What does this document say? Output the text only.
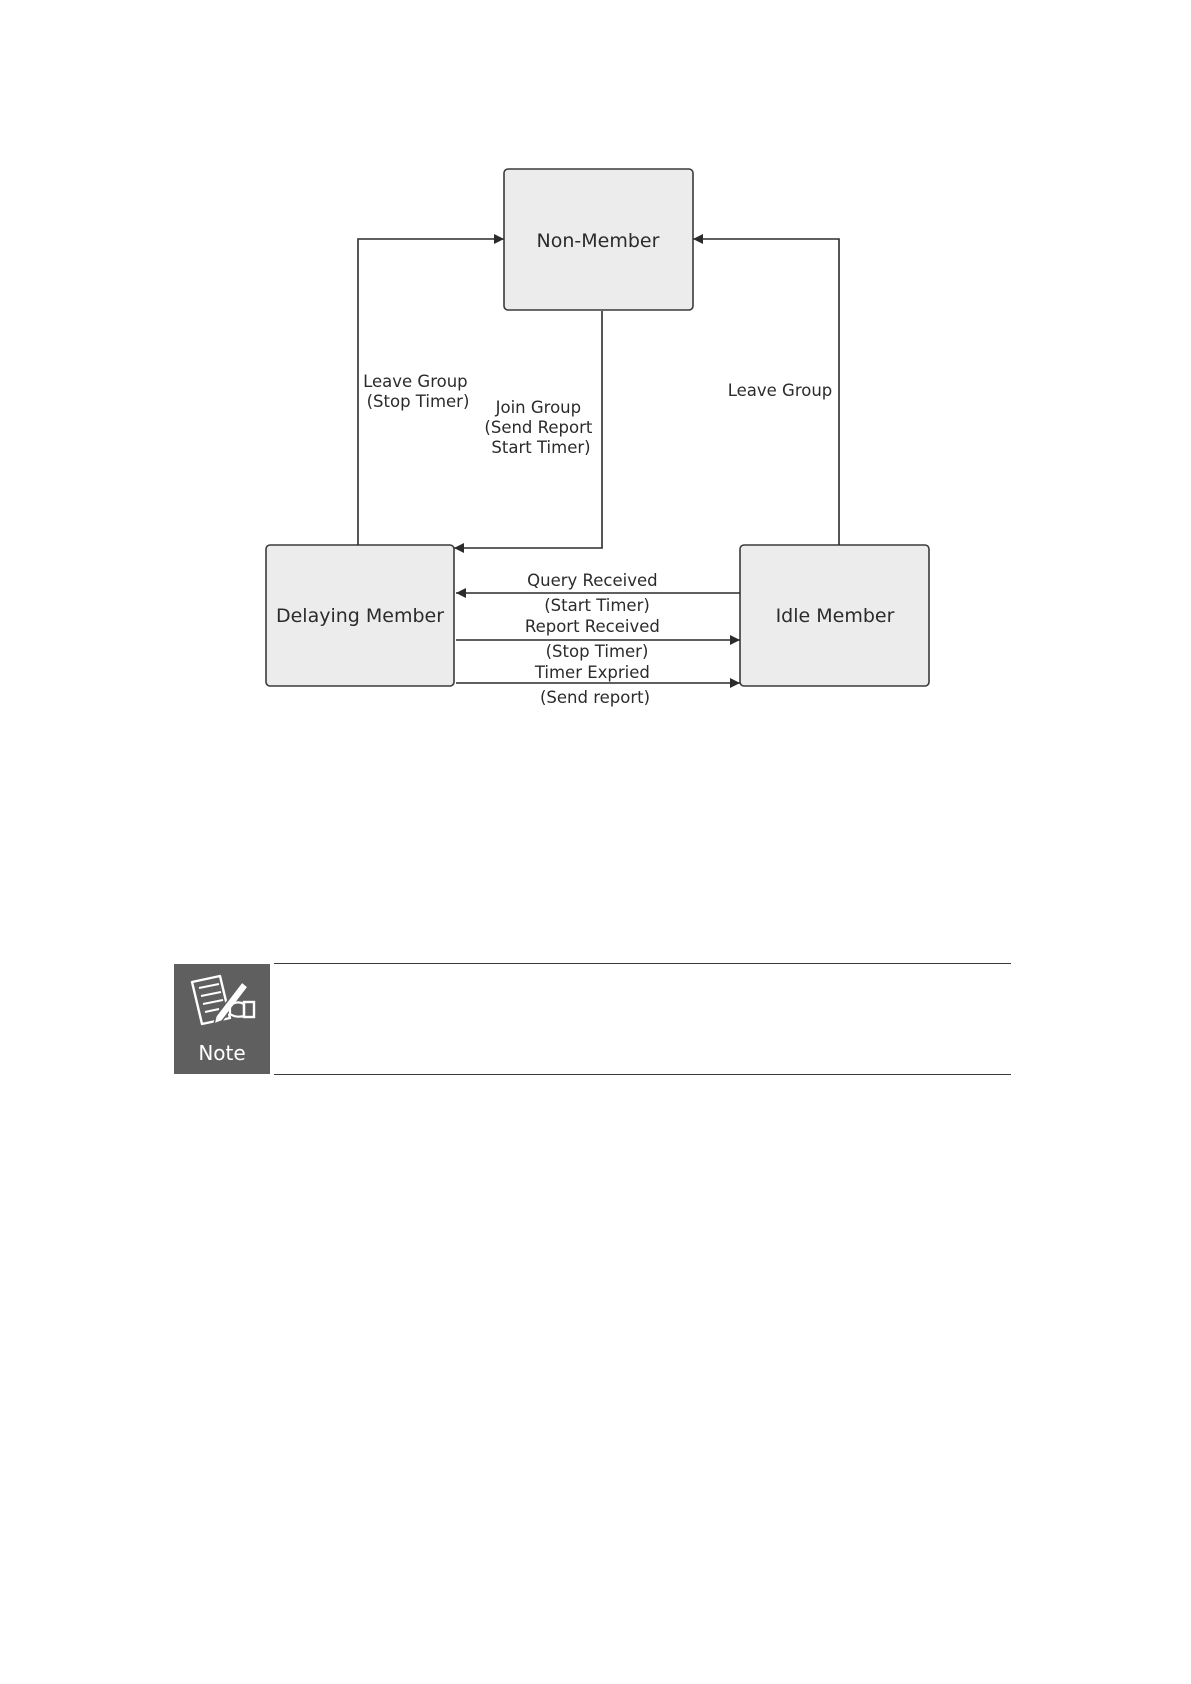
Non-Member
Delaying Member	Idle Member
Leave Group (Stop Timer)	Join Group (Send Report Start Timer)
Leave Group
Query Received (Start Timer)
Report Received (Stop Timer)
Timer Expried (Send report)
Note
